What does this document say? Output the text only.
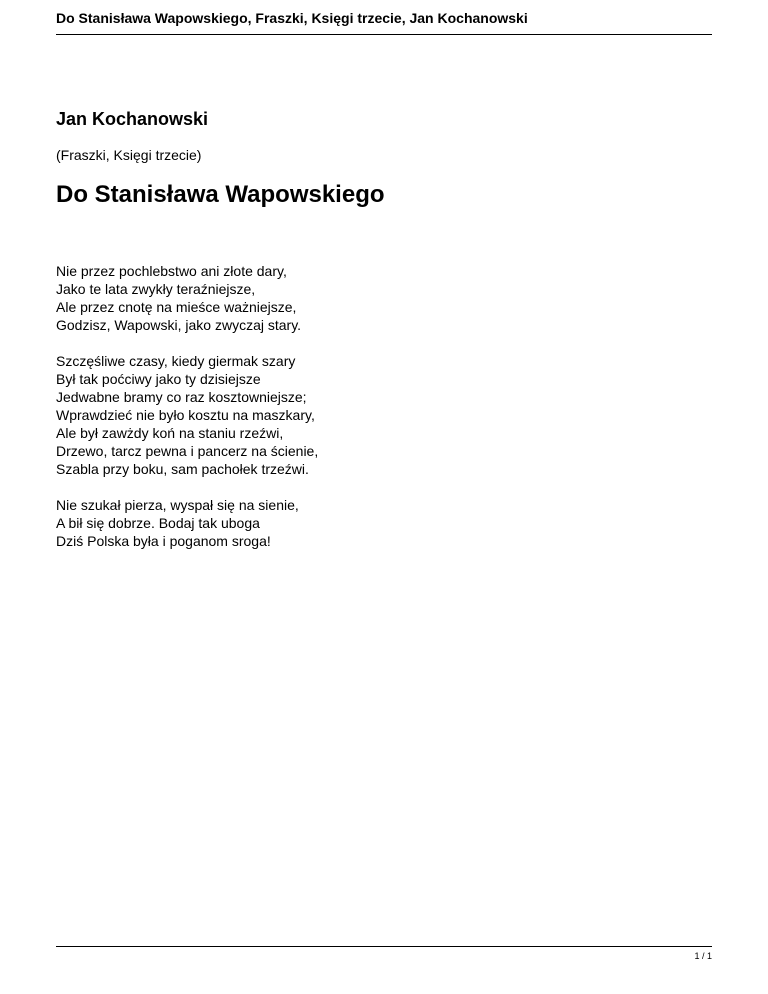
Do Stanisława Wapowskiego, Fraszki, Księgi trzecie, Jan Kochanowski
Jan Kochanowski
(Fraszki, Księgi trzecie)
Do Stanisława Wapowskiego
Nie przez pochlebstwo ani złote dary,
Jako te lata zwykły teraźniejsze,
Ale przez cnotę na mieśce ważniejsze,
Godzisz, Wapowski, jako zwyczaj stary.
Szczęśliwe czasy, kiedy giermak szary
Był tak poćciwy jako ty dzisiejsze
Jedwabne bramy co raz kosztowniejsze;
Wprawdzieć nie było kosztu na maszkary,
Ale był zawżdy koń na staniu rzeźwi,
Drzewo, tarcz pewna i pancerz na ścienie,
Szabla przy boku, sam pachołek trzeźwi.
Nie szukał pierza, wyspał się na sienie,
A bił się dobrze. Bodaj tak uboga
Dziś Polska była i poganom sroga!
1 / 1
